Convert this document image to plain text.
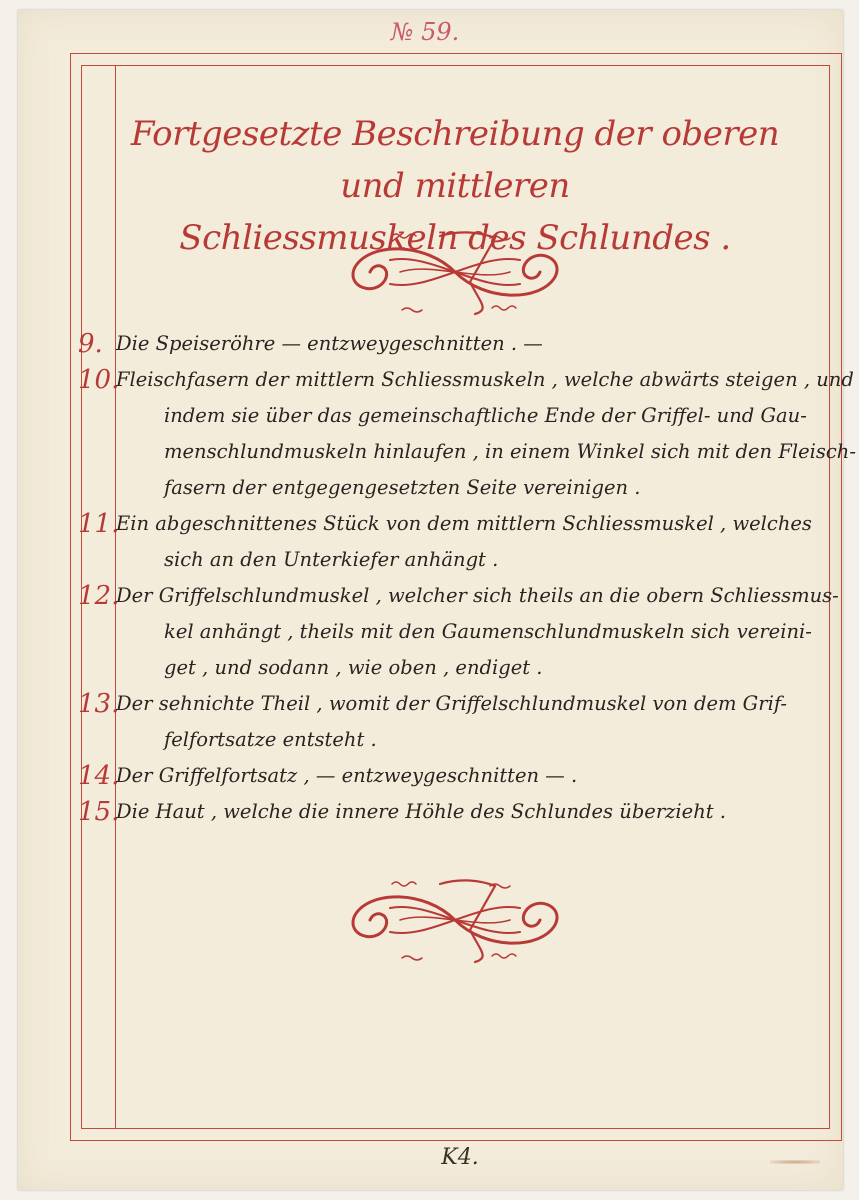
№ 59.
Fortgesetzte Beschreibung der oberen und mittleren
Schliessmuskeln des Schlundes .
9. Die Speiseröhre — entzweygeschnitten . —
10.
Fleischfasern der mittlern Schliessmuskeln , welche abwärts steigen , und
indem sie über das gemeinschaftliche Ende der Griffel- und Gau-
menschlundmuskeln hinlaufen , in einem Winkel sich mit den Fleisch-
fasern der entgegengesetzten Seite vereinigen .
11.
Ein abgeschnittenes Stück von dem mittlern Schliessmuskel , welches
sich an den Unterkiefer anhängt .
12.
Der Griffelschlundmuskel , welcher sich theils an die obern Schliessmus-
kel anhängt , theils mit den Gaumenschlundmuskeln sich vereini-
get , und sodann , wie oben , endiget .
13.
Der sehnichte Theil , womit der Griffelschlundmuskel von dem Grif-
felfortsatze entsteht .
14.
Der Griffelfortsatz , — entzweygeschnitten — .
15.
Die Haut , welche die innere Höhle des Schlundes überzieht .
K4.
